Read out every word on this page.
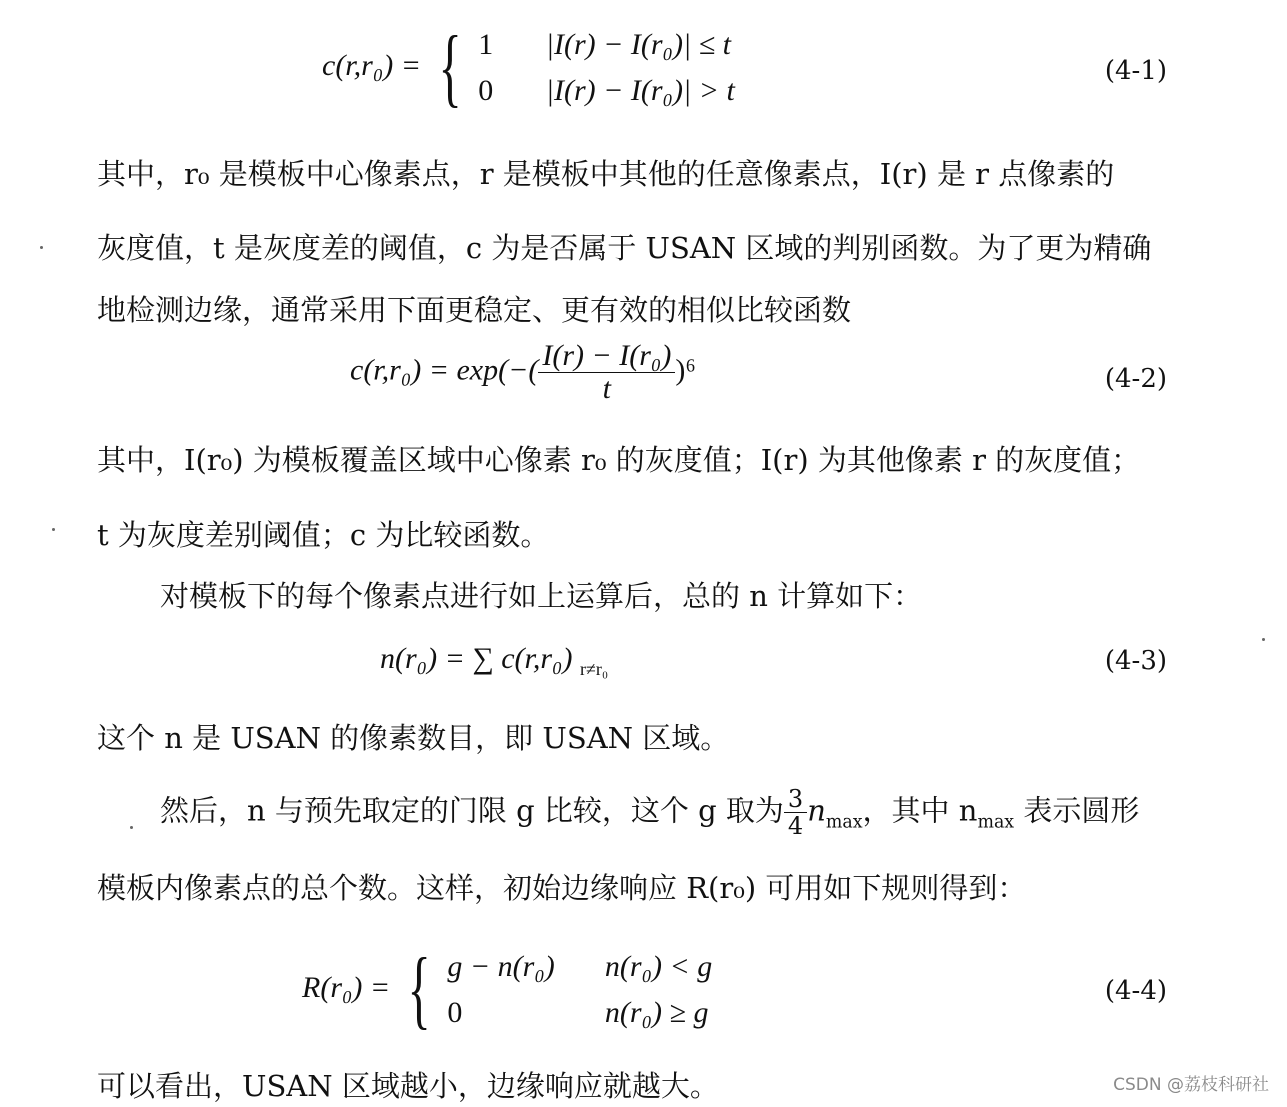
c(r,r₀) = { 1 |I(r) − I(r₀)| ≤ t
0 |I(r) − I(r₀)| > t
(4-1)
其中，r₀ 是模板中心像素点，r 是模板中其他的任意像素点，I(r) 是 r 点像素的
灰度值，t 是灰度差的阈值，c 为是否属于 USAN 区域的判别函数。为了更为精确
地检测边缘，通常采用下面更稳定、更有效的相似比较函数
$c(r,r_0) = \exp(-( \frac{\text{I(r) − I(r₀)}}{t} )^6$	(4-2)
其中，I(r₀) 为模板覆盖区域中心像素 r₀ 的灰度值；I(r) 为其他像素 r 的灰度值；
t 为灰度差别阈值；c 为比较函数。
对模板下的每个像素点进行如上运算后，总的 n 计算如下：
n(r₀) = ∑ c(r,r₀) $_{r\ne r_0}$	(4-3)
这个 n 是 USAN 的像素数目，即 USAN 区域。
然后，n 与预先取定的门限 g 比较，这个 g 取为 $\frac{3}{4} n_{max}$，其中 $n_{max}$ 表示圆形
模板内像素点的总个数。这样，初始边缘响应 R(r₀) 可用如下规则得到：
R(r₀) = { g − n(r₀) n(r₀) < g
0	n(r₀) ≥ g
(4-4)
可以看出，USAN 区域越小，边缘响应就越大。	CSDN @荔枝科研社
